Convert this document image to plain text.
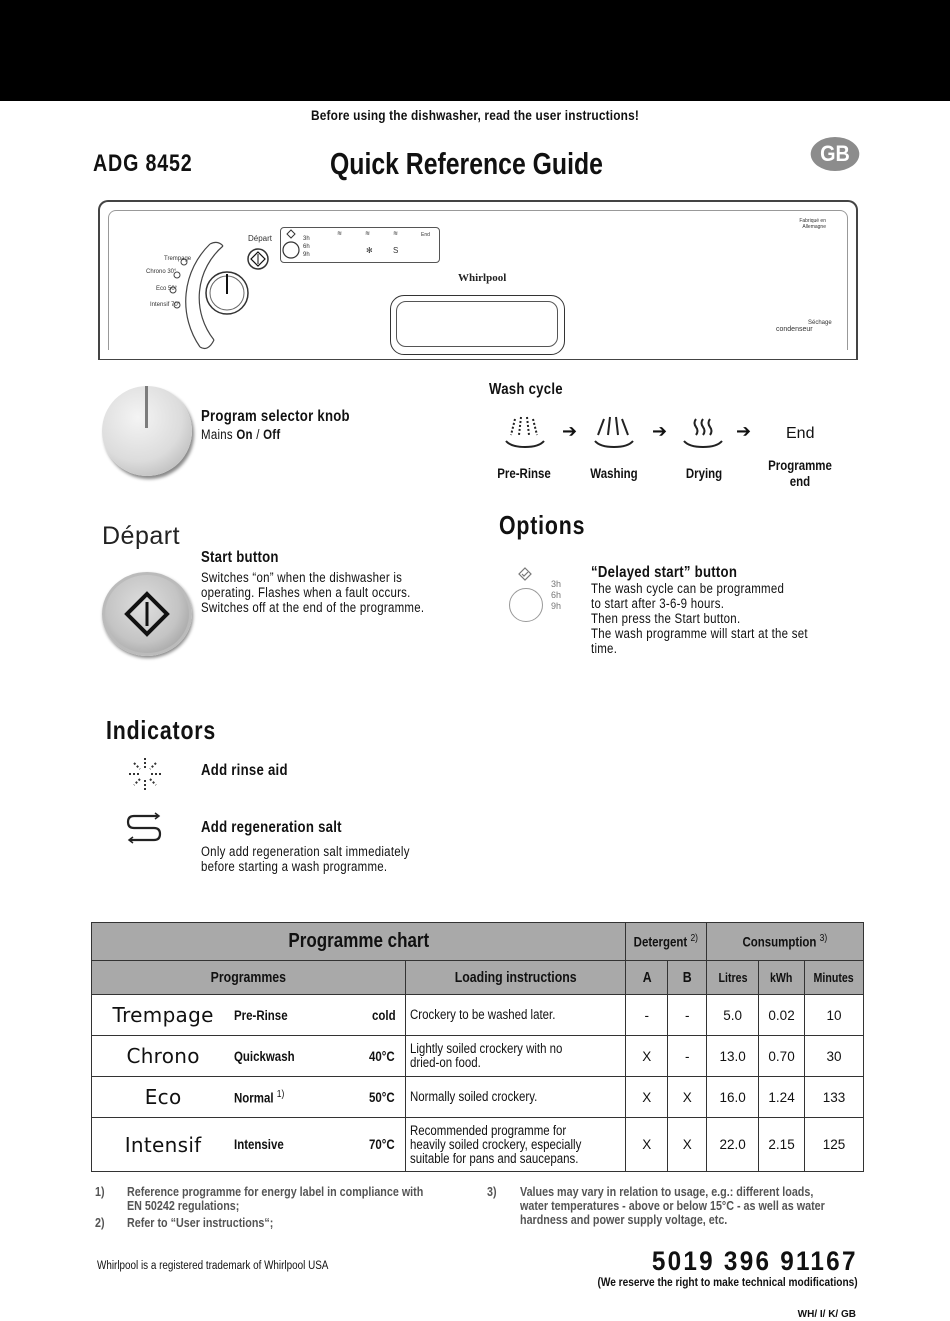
Before using the dishwasher, read the user instructions!
ADG 8452	Quick Reference Guide	GB
Trempage
Chrono 30°
Eco 50°
Intensif 70°
Départ	3h
6h
9h
≋	≋	≋	End
✻	S
Whirlpool
Fabriqué en Allemagne
Séchage
condenseur
Program selector knob
Mains On / Off
Wash cycle
➔	➔	➔ End
Pre-Rinse	Washing	Drying
Programme
end
Départ
Start button
Switches “on” when the dishwasher is
operating. Flashes when a fault occurs.
Switches off at the end of the programme.
Options
3h
6h
9h
“Delayed start” button
The wash cycle can be programmed
to start after 3-6-9 hours.
Then press the Start button.
The wash programme will start at the set
time.
Indicators
Add rinse aid
Add regeneration salt
Only add regeneration salt immediately
before starting a wash programme.
Programme chart				Detergent $^{2)}$		Consumption $^{3)}$
Programmes			Loading instructions	A	B	Litres	kWh	Minutes
Trempage	Pre-Rinse	cold	Crockery to be washed later.	-	-	5.0	0.02	10
Chrono	Quickwash	40°C	Lightly soiled crockery with no
dried-on food.	X	-	13.0	0.70	30
Eco	Normal $^{1)}$	50°C	Normally soiled crockery.	X	X	16.0	1.24	133
Intensif	Intensive	70°C	Recommended programme for
heavily soiled crockery, especially
suitable for pans and saucepans.	X	X	22.0	2.15	125
1) Reference programme for energy label in compliance with
EN 50242 regulations;
2) Refer to “User instructions“;
3) Values may vary in relation to usage, e.g.: different loads,
water temperatures - above or below 15°C - as well as water
hardness and power supply voltage, etc.
Whirlpool is a registered trademark of Whirlpool USA	5019 396 91167
(We reserve the right to make technical modifications)
WH/ I/ K/ GB
